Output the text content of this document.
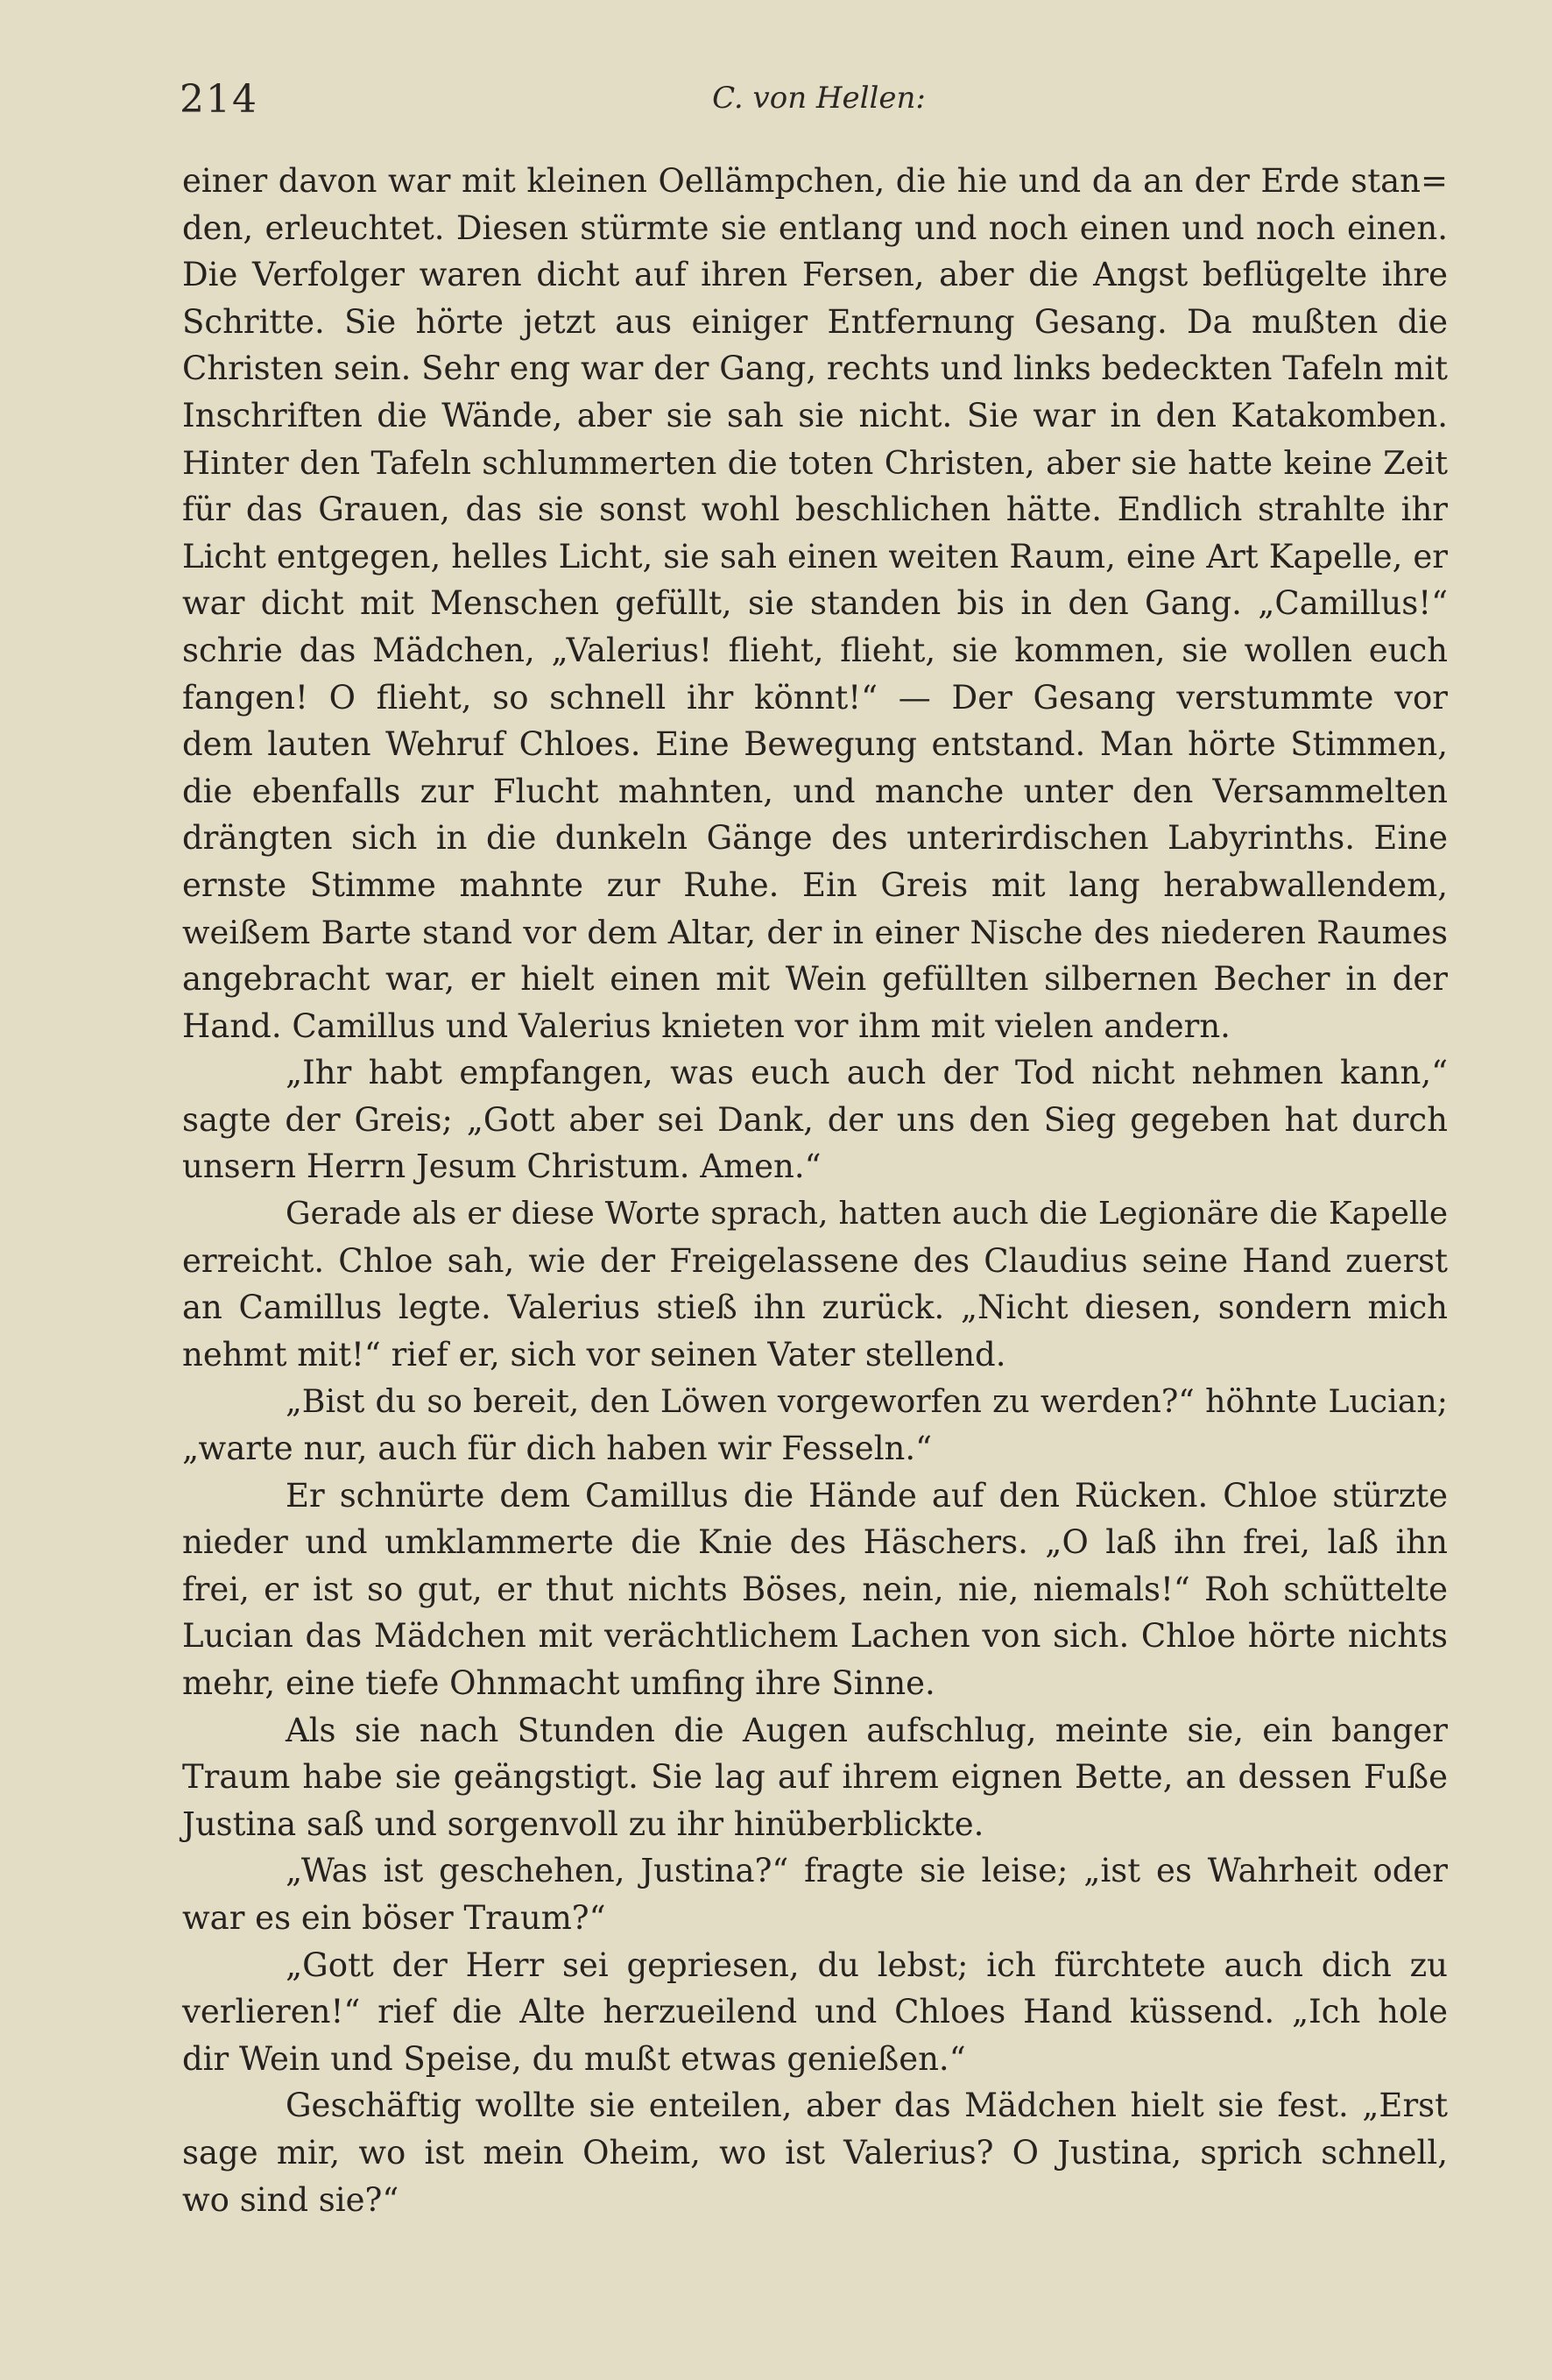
214	C. von Hellen:

einer davon war mit kleinen Oellämpchen, die hie und da an der Erde stan=

den, erleuchtet. Diesen stürmte sie entlang und noch einen und noch einen.

Die Verfolger waren dicht auf ihren Fersen, aber die Angst beflügelte ihre

Schritte. Sie hörte jetzt aus einiger Entfernung Gesang. Da mußten die

Christen sein. Sehr eng war der Gang, rechts und links bedeckten Tafeln mit

Inschriften die Wände, aber sie sah sie nicht. Sie war in den Katakomben.

Hinter den Tafeln schlummerten die toten Christen, aber sie hatte keine Zeit

für das Grauen, das sie sonst wohl beschlichen hätte. Endlich strahlte ihr

Licht entgegen, helles Licht, sie sah einen weiten Raum, eine Art Kapelle, er

war dicht mit Menschen gefüllt, sie standen bis in den Gang. „Camillus!“

schrie das Mädchen, „Valerius! flieht, flieht, sie kommen, sie wollen euch

fangen! O flieht, so schnell ihr könnt!“ — Der Gesang verstummte vor

dem lauten Wehruf Chloes. Eine Bewegung entstand. Man hörte Stimmen,

die ebenfalls zur Flucht mahnten, und manche unter den Versammelten

drängten sich in die dunkeln Gänge des unterirdischen Labyrinths. Eine

ernste Stimme mahnte zur Ruhe. Ein Greis mit lang herabwallendem,

weißem Barte stand vor dem Altar, der in einer Nische des niederen Raumes

angebracht war, er hielt einen mit Wein gefüllten silbernen Becher in der

Hand. Camillus und Valerius knieten vor ihm mit vielen andern.

„Ihr habt empfangen, was euch auch der Tod nicht nehmen kann,“

sagte der Greis; „Gott aber sei Dank, der uns den Sieg gegeben hat durch

unsern Herrn Jesum Christum. Amen.“

Gerade als er diese Worte sprach, hatten auch die Legionäre die Kapelle

erreicht. Chloe sah, wie der Freigelassene des Claudius seine Hand zuerst

an Camillus legte. Valerius stieß ihn zurück. „Nicht diesen, sondern mich

nehmt mit!“ rief er, sich vor seinen Vater stellend.

„Bist du so bereit, den Löwen vorgeworfen zu werden?“ höhnte Lucian;

„warte nur, auch für dich haben wir Fesseln.“

Er schnürte dem Camillus die Hände auf den Rücken. Chloe stürzte

nieder und umklammerte die Knie des Häschers. „O laß ihn frei, laß ihn

frei, er ist so gut, er thut nichts Böses, nein, nie, niemals!“ Roh schüttelte

Lucian das Mädchen mit verächtlichem Lachen von sich. Chloe hörte nichts

mehr, eine tiefe Ohnmacht umfing ihre Sinne.

Als sie nach Stunden die Augen aufschlug, meinte sie, ein banger

Traum habe sie geängstigt. Sie lag auf ihrem eignen Bette, an dessen Fuße

Justina saß und sorgenvoll zu ihr hinüberblickte.

„Was ist geschehen, Justina?“ fragte sie leise; „ist es Wahrheit oder

war es ein böser Traum?“

„Gott der Herr sei gepriesen, du lebst; ich fürchtete auch dich zu

verlieren!“ rief die Alte herzueilend und Chloes Hand küssend. „Ich hole

dir Wein und Speise, du mußt etwas genießen.“

Geschäftig wollte sie enteilen, aber das Mädchen hielt sie fest. „Erst

sage mir, wo ist mein Oheim, wo ist Valerius? O Justina, sprich schnell,

wo sind sie?“
